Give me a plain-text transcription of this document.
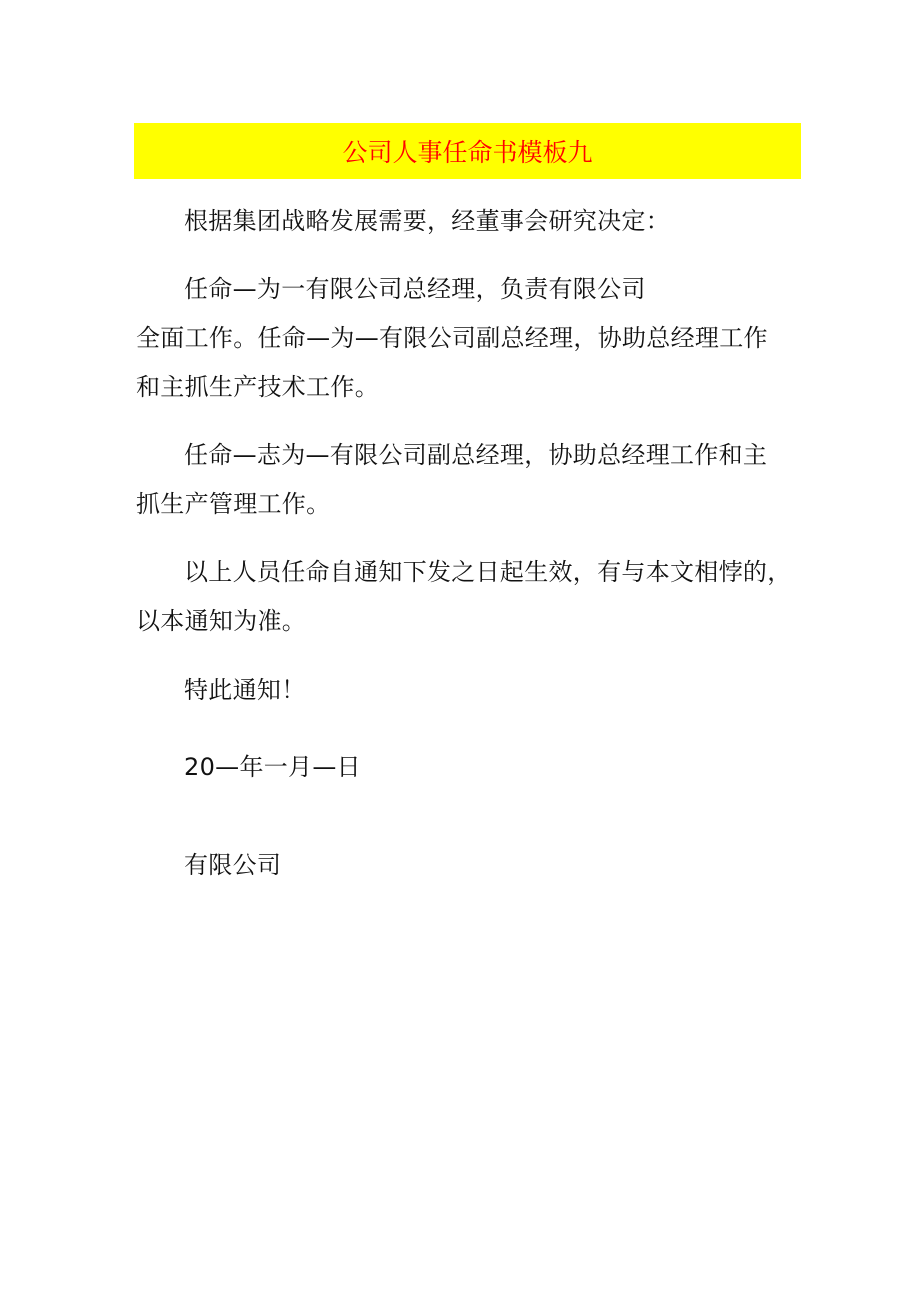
公司人事任命书模板九
根据集团战略发展需要，经董事会研究决定：
任命—为一有限公司总经理，负责有限公司
全面工作。任命—为—有限公司副总经理，协助总经理工作
和主抓生产技术工作。
任命—志为—有限公司副总经理，协助总经理工作和主
抓生产管理工作。
以上人员任命自通知下发之日起生效，有与本文相悖的，
以本通知为准。
特此通知！
20—年一月—日
有限公司
